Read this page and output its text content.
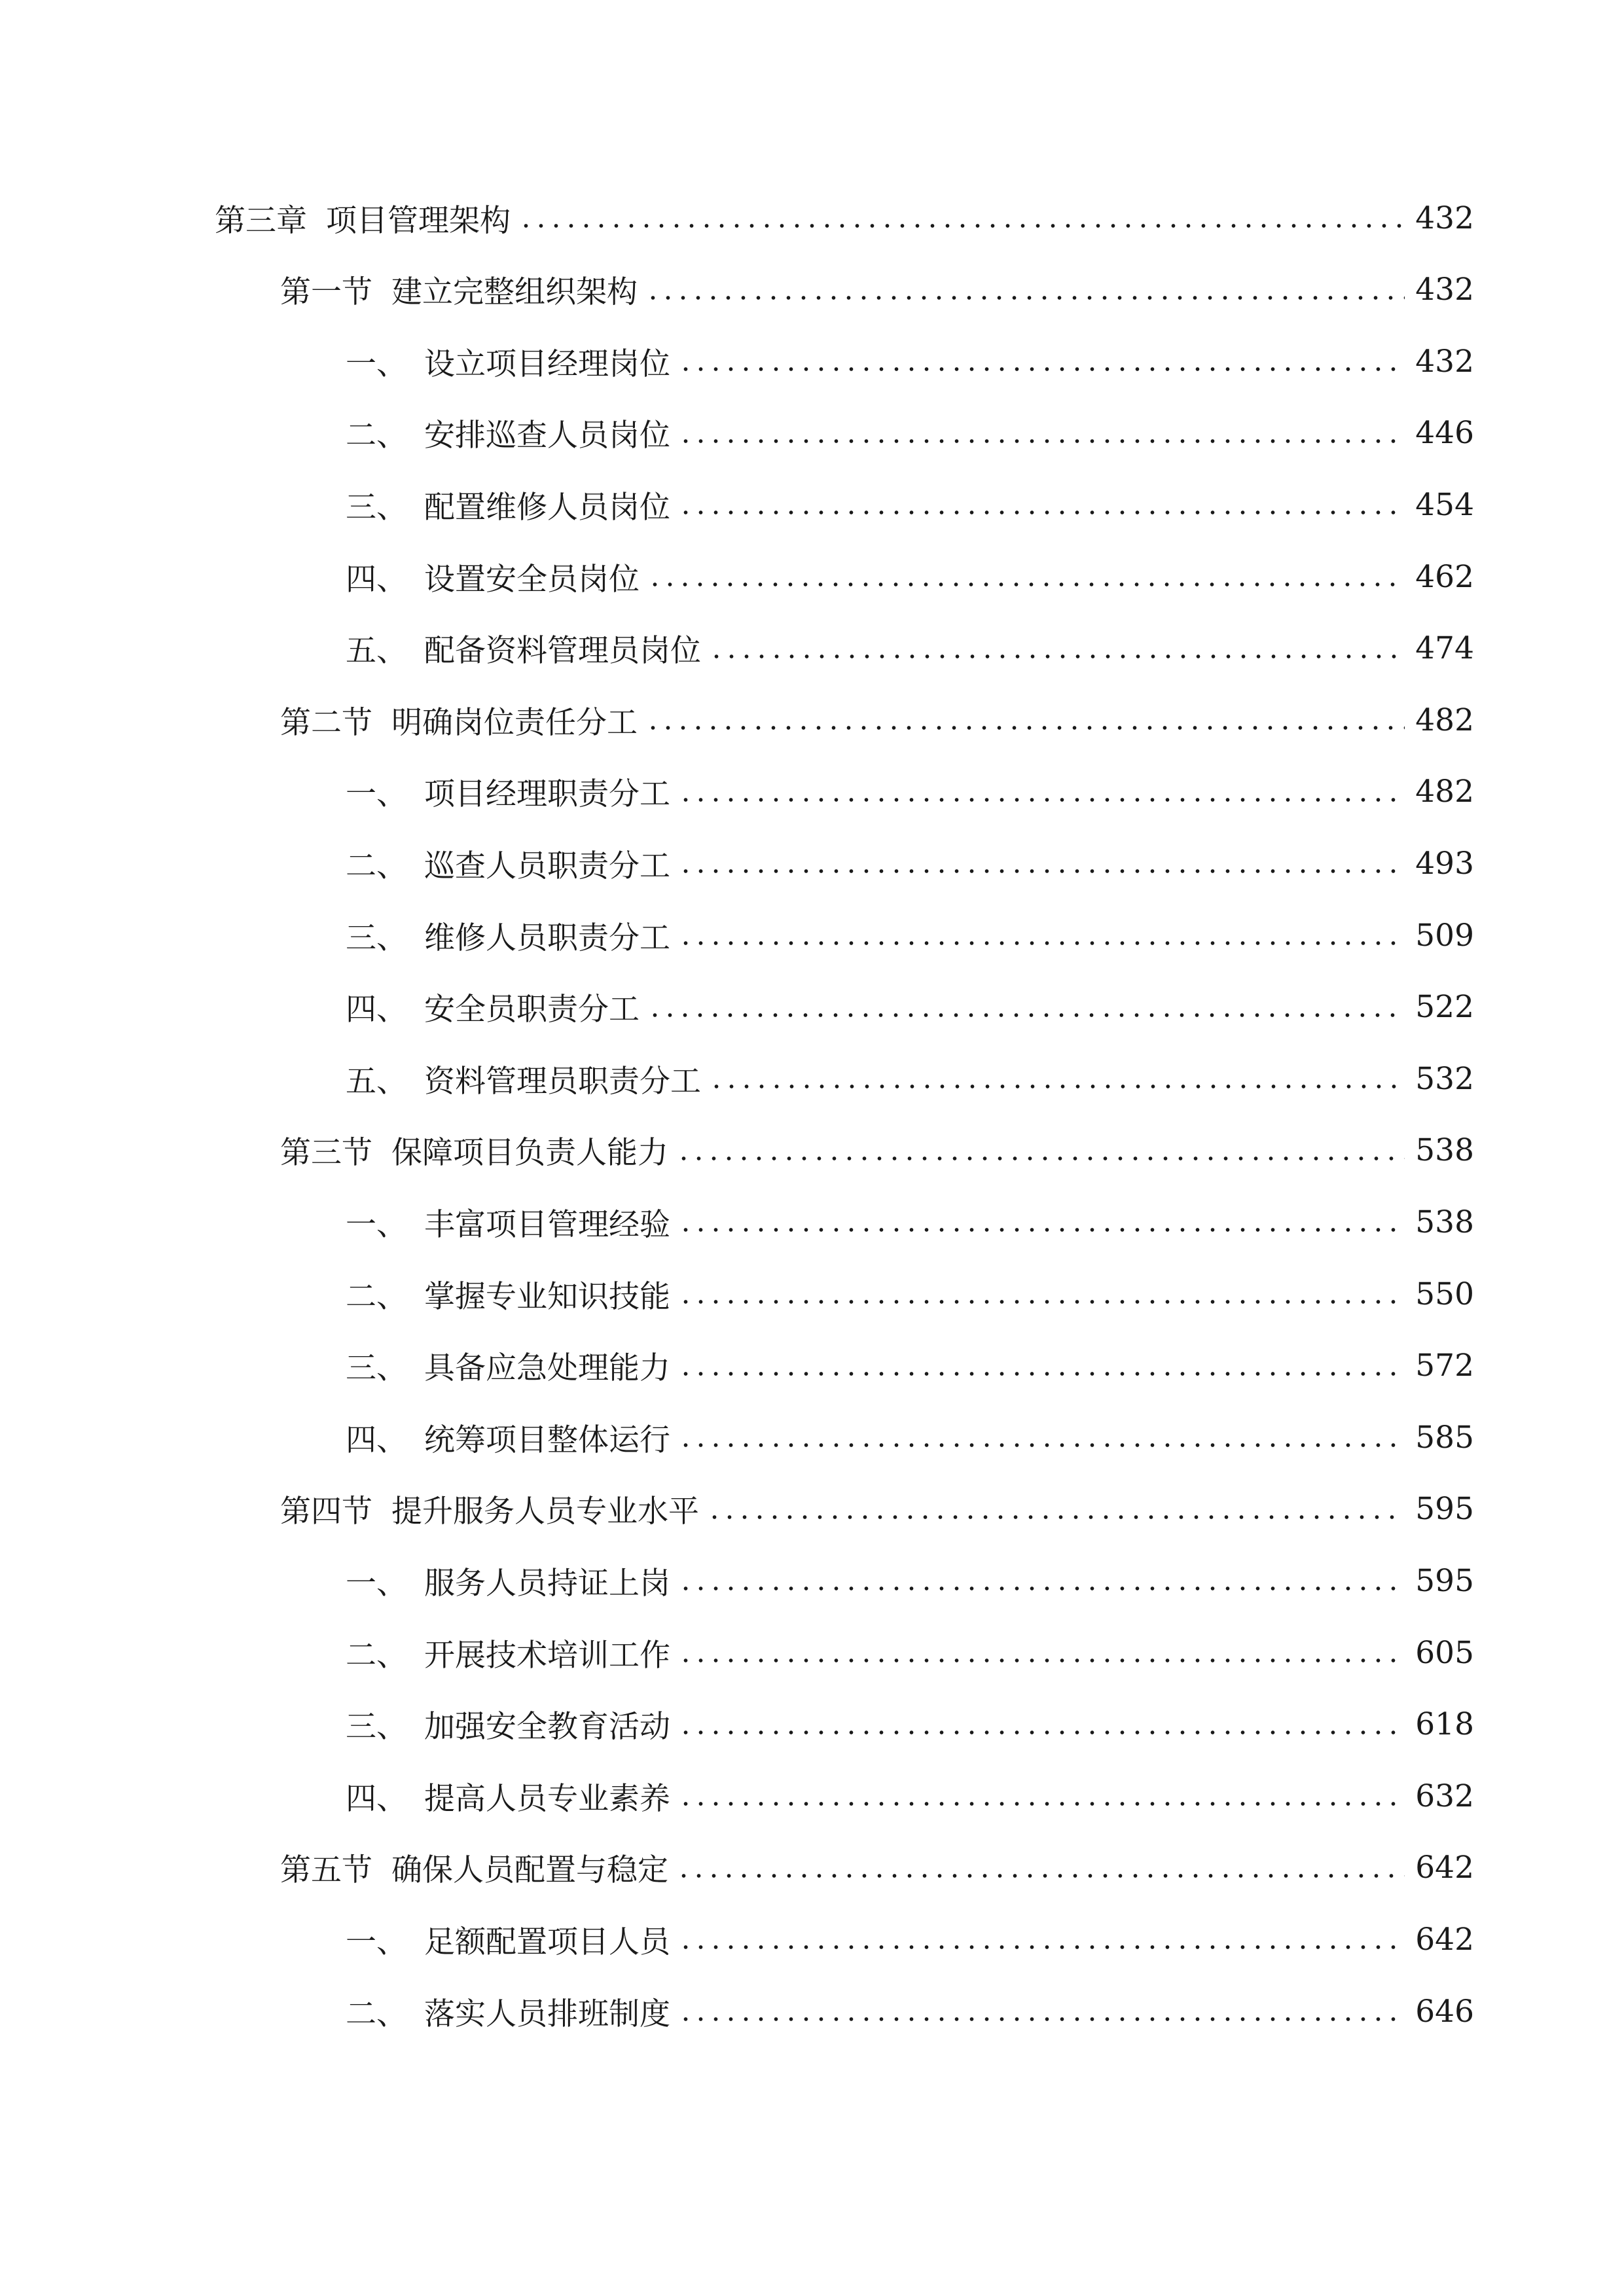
第三章 项目管理架构	432
第一节 建立完整组织架构	432
一、 设立项目经理岗位	432
二、 安排巡查人员岗位	446
三、 配置维修人员岗位	454
四、 设置安全员岗位	462
五、 配备资料管理员岗位	474
第二节 明确岗位责任分工	482
一、 项目经理职责分工	482
二、 巡查人员职责分工	493
三、 维修人员职责分工	509
四、 安全员职责分工	522
五、 资料管理员职责分工	532
第三节 保障项目负责人能力	538
一、 丰富项目管理经验	538
二、 掌握专业知识技能	550
三、 具备应急处理能力	572
四、 统筹项目整体运行	585
第四节 提升服务人员专业水平	595
一、 服务人员持证上岗	595
二、 开展技术培训工作	605
三、 加强安全教育活动	618
四、 提高人员专业素养	632
第五节 确保人员配置与稳定	642
一、 足额配置项目人员	642
二、 落实人员排班制度	646
